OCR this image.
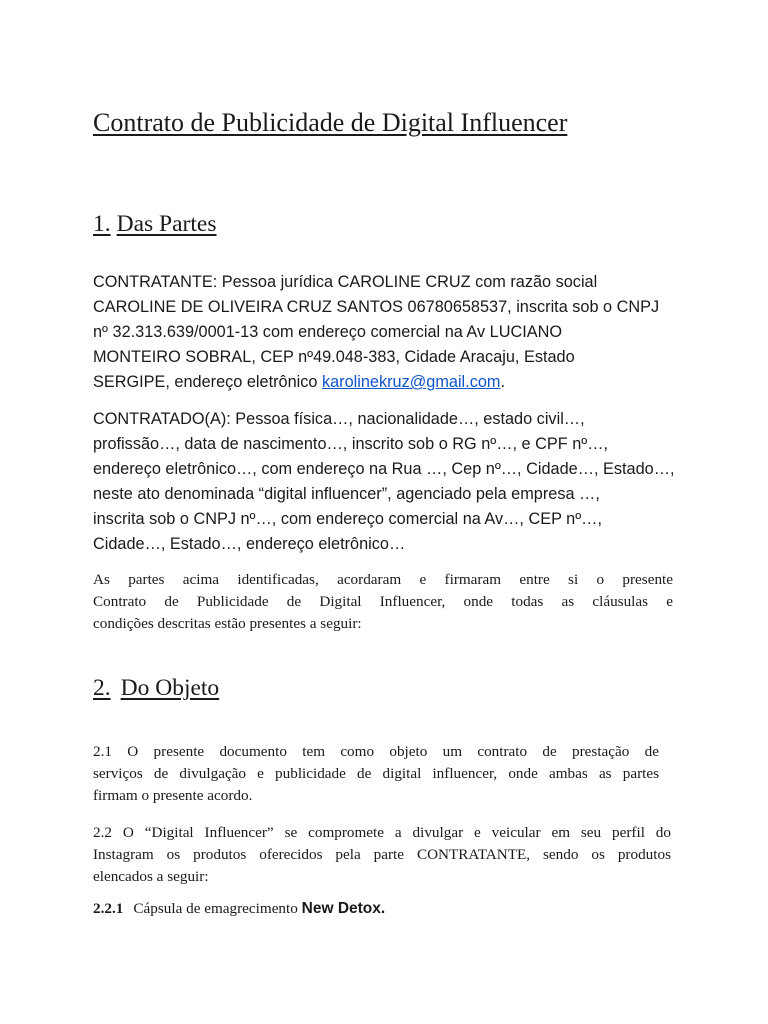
Contrato de Publicidade de Digital Influencer
1. Das Partes

CONTRATANTE: Pessoa jurídica CAROLINE CRUZ com razão social
CAROLINE DE OLIVEIRA CRUZ SANTOS 06780658537, inscrita sob o CNPJ
nº 32.313.639/0001-13 com endereço comercial na Av LUCIANO
MONTEIRO SOBRAL, CEP nº49.048-383, Cidade Aracaju, Estado
SERGIPE, endereço eletrônico karolinekruz@gmail.com.

CONTRATADO(A): Pessoa física…, nacionalidade…, estado civil…,
profissão…, data de nascimento…, inscrito sob o RG nº…, e CPF nº…,
endereço eletrônico…, com endereço na Rua …, Cep nº…, Cidade…, Estado…,
neste ato denominada “digital influencer”, agenciado pela empresa …,
inscrita sob o CNPJ nº…, com endereço comercial na Av…, CEP nº…,
Cidade…, Estado…, endereço eletrônico…

As partes acima identificadas, acordaram e firmaram entre si o presente
Contrato de Publicidade de Digital Influencer, onde todas as cláusulas e
condições descritas estão presentes a seguir:

2. Do Objeto

2.1 O presente documento tem como objeto um contrato de prestação de
serviços de divulgação e publicidade de digital influencer, onde ambas as partes
firmam o presente acordo.

2.2 O “Digital Influencer” se compromete a divulgar e veicular em seu perfil do
Instagram os produtos oferecidos pela parte CONTRATANTE, sendo os produtos
elencados a seguir:

2.2.1 Cápsula de emagrecimento New Detox.
